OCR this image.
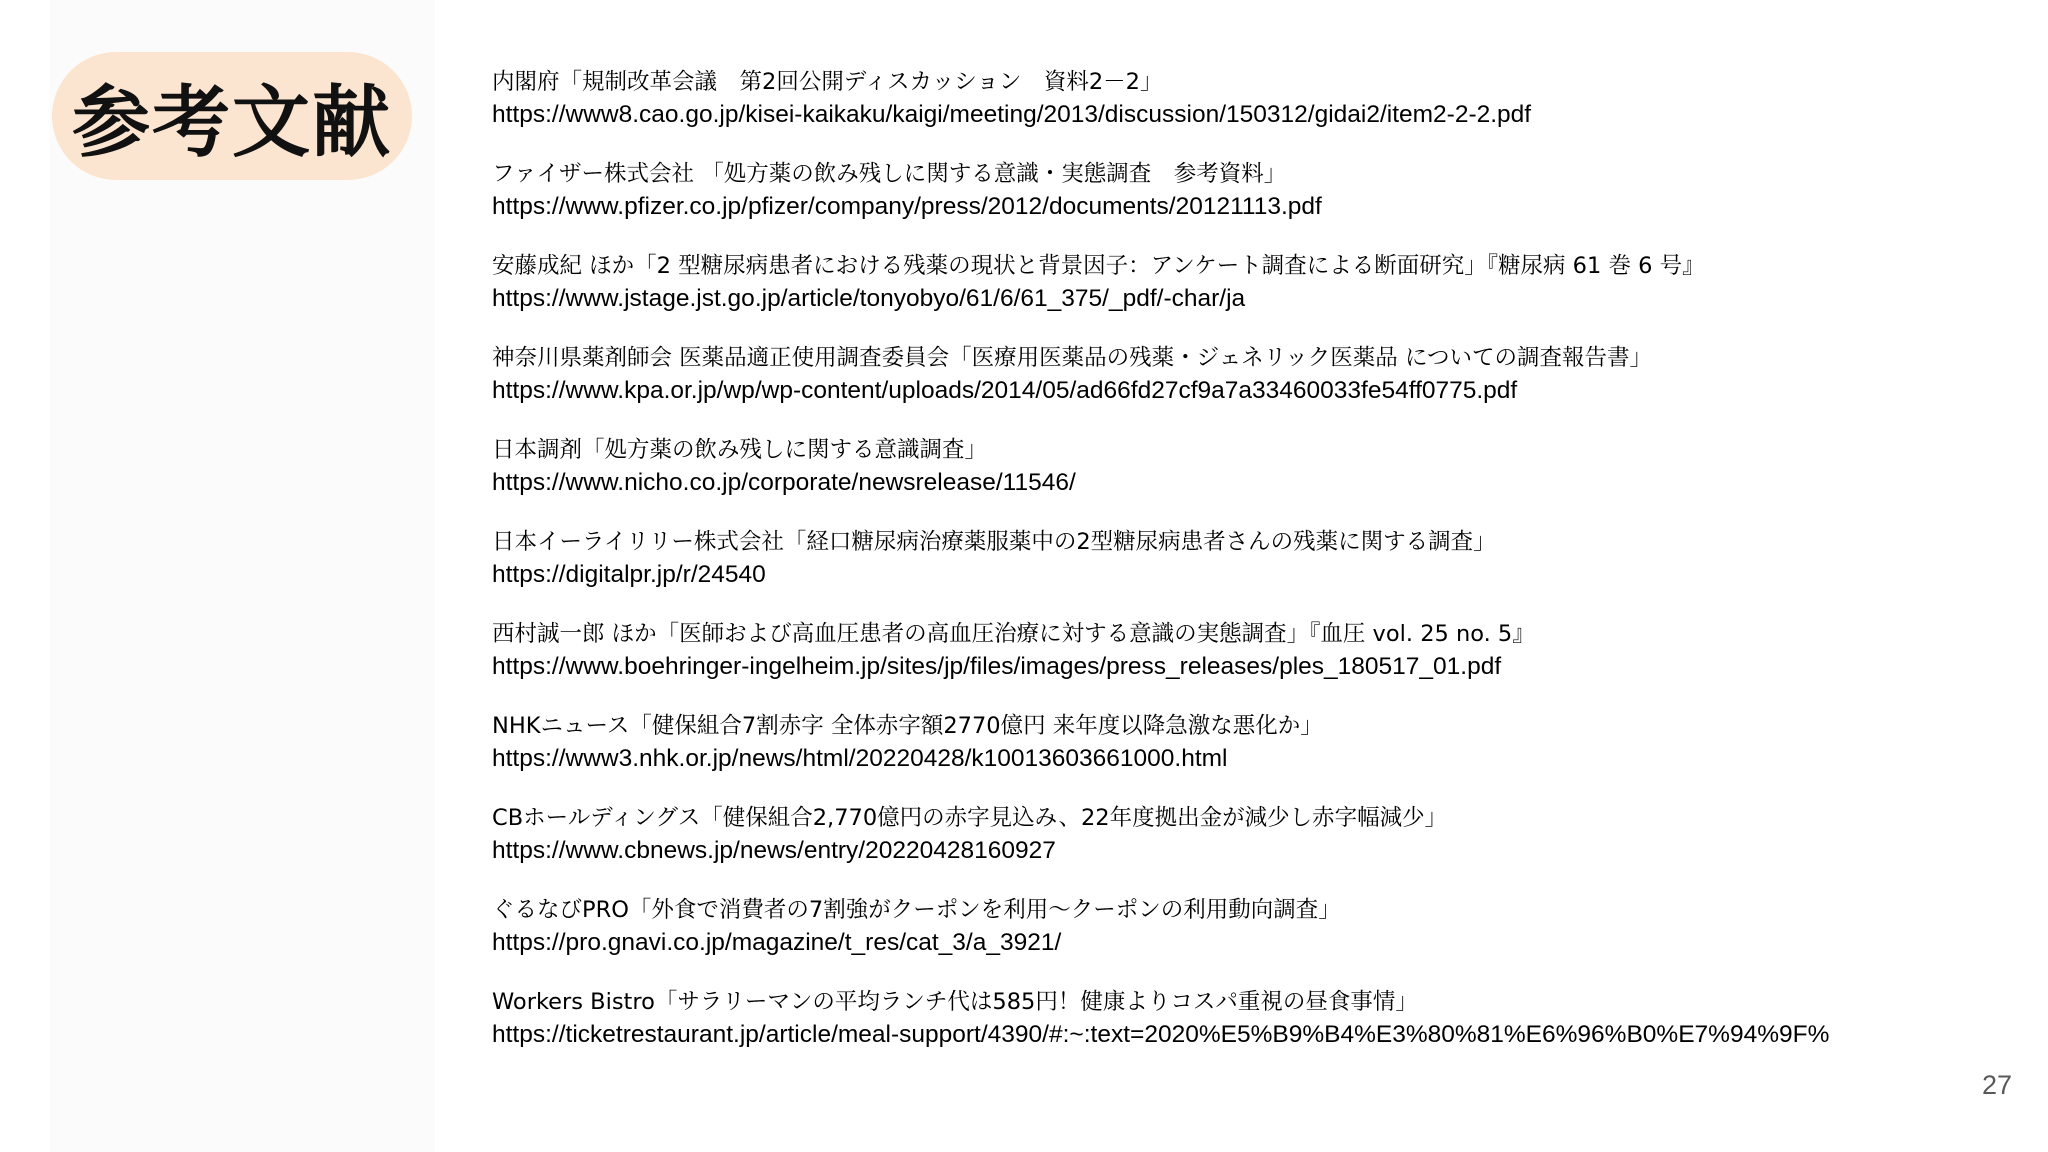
参考文献	内閣府「規制改革会議　第2回公開ディスカッション　資料2－2」
https://www8.cao.go.jp/kisei-kaikaku/kaigi/meeting/2013/discussion/150312/gidai2/item2-2-2.pdf
ファイザー株式会社 「処方薬の飲み残しに関する意識・実態調査　参考資料」
https://www.pfizer.co.jp/pfizer/company/press/2012/documents/20121113.pdf
安藤成紀 ほか「2 型糖尿病患者における残薬の現状と背景因子：アンケート調査による断面研究」『糖尿病 61 巻 6 号』
https://www.jstage.jst.go.jp/article/tonyobyo/61/6/61_375/_pdf/-char/ja
神奈川県薬剤師会 医薬品適正使用調査委員会「医療用医薬品の残薬・ジェネリック医薬品 についての調査報告書」
https://www.kpa.or.jp/wp/wp-content/uploads/2014/05/ad66fd27cf9a7a33460033fe54ff0775.pdf
日本調剤「処方薬の飲み残しに関する意識調査」
https://www.nicho.co.jp/corporate/newsrelease/11546/
日本イーライリリー株式会社「経口糖尿病治療薬服薬中の2型糖尿病患者さんの残薬に関する調査」
https://digitalpr.jp/r/24540
西村誠一郎 ほか「医師および高血圧患者の高血圧治療に対する意識の実態調査」『血圧 vol. 25 no. 5』
https://www.boehringer-ingelheim.jp/sites/jp/files/images/press_releases/ples_180517_01.pdf
NHKニュース「健保組合7割赤字 全体赤字額2770億円 来年度以降急激な悪化か」
https://www3.nhk.or.jp/news/html/20220428/k10013603661000.html
CBホールディングス「健保組合2,770億円の赤字見込み、22年度拠出金が減少し赤字幅減少」
https://www.cbnews.jp/news/entry/20220428160927
ぐるなびPRO「外食で消費者の7割強がクーポンを利用～クーポンの利用動向調査」
https://pro.gnavi.co.jp/magazine/t_res/cat_3/a_3921/
Workers Bistro「サラリーマンの平均ランチ代は585円！健康よりコスパ重視の昼食事情」
https://ticketrestaurant.jp/article/meal-support/4390/#:~:text=2020%E5%B9%B4%E3%80%81%E6%96%B0%E7%94%9F%
27
